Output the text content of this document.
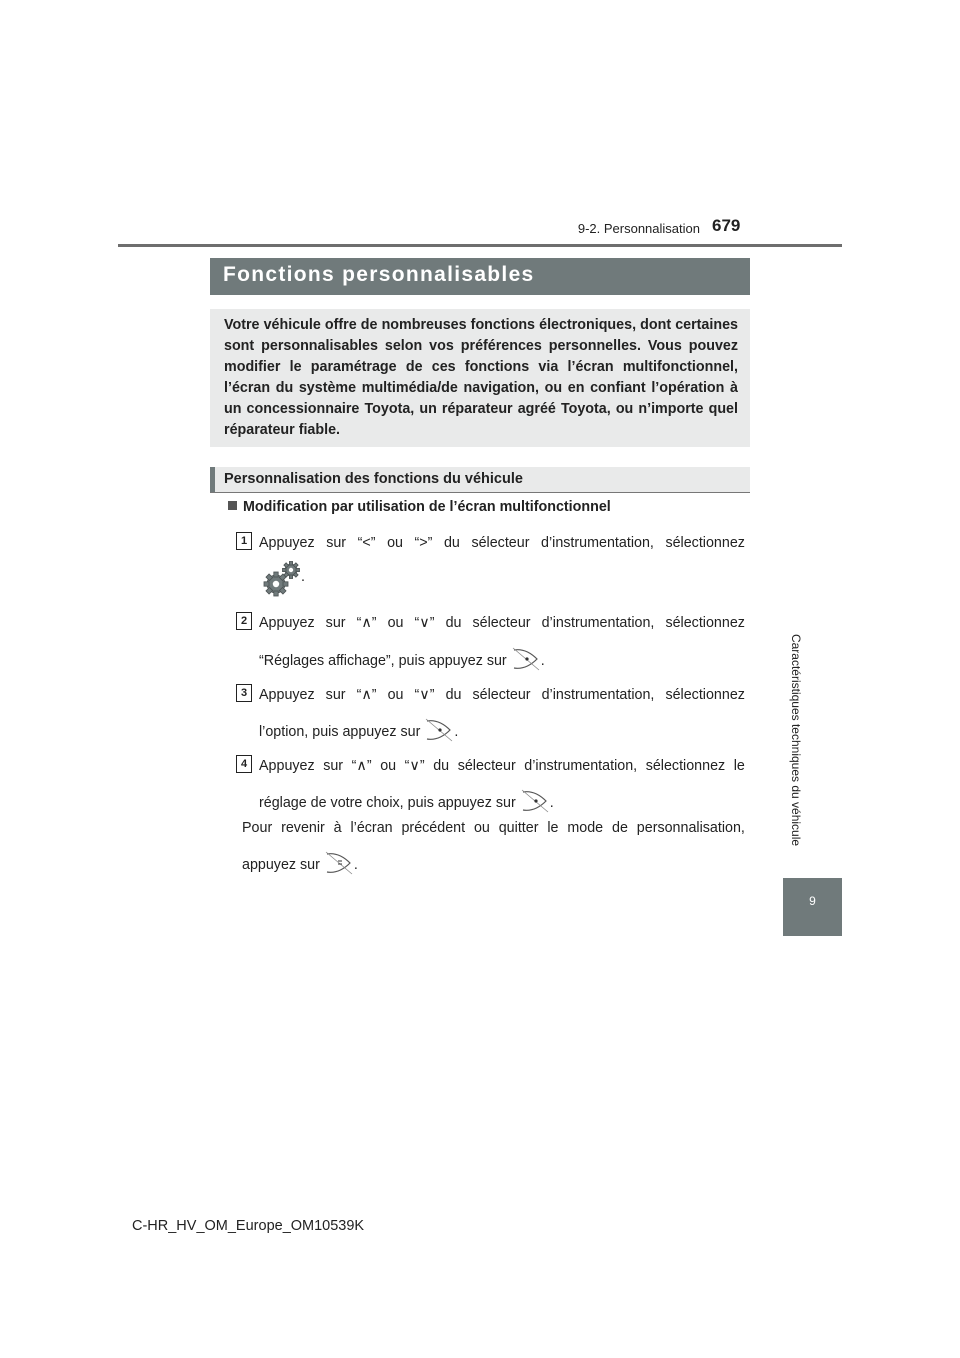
9-2. Personnalisation 679
Caractéristiques techniques du véhicule
9
Fonctions personnalisables
Votre véhicule offre de nombreuses fonctions électroniques, dont certaines sont personnalisables selon vos préférences personnelles. Vous pouvez modifier le paramétrage de ces fonctions via l’écran multifonctionnel, l’écran du système multimédia/de navigation, ou en confiant l’opération à un concessionnaire Toyota, un réparateur agréé Toyota, ou n’importe quel réparateur fiable.
Personnalisation des fonctions du véhicule
Modification par utilisation de l’écran multifonctionnel
1 Appuyez sur “<” ou “>” du sélecteur d’instrumentation, sélectionnez
.
2 Appuyez sur “∧” ou “∨” du sélecteur d’instrumentation, sélectionnez
“Réglages affichage”, puis appuyez sur .
3 Appuyez sur “∧” ou “∨” du sélecteur d’instrumentation, sélectionnez
l’option, puis appuyez sur .
4 Appuyez sur “∧” ou “∨” du sélecteur d’instrumentation, sélectionnez le
réglage de votre choix, puis appuyez sur .
Pour revenir à l’écran précédent ou quitter le mode de personnalisation,
appuyez sur .
C-HR_HV_OM_Europe_OM10539K
